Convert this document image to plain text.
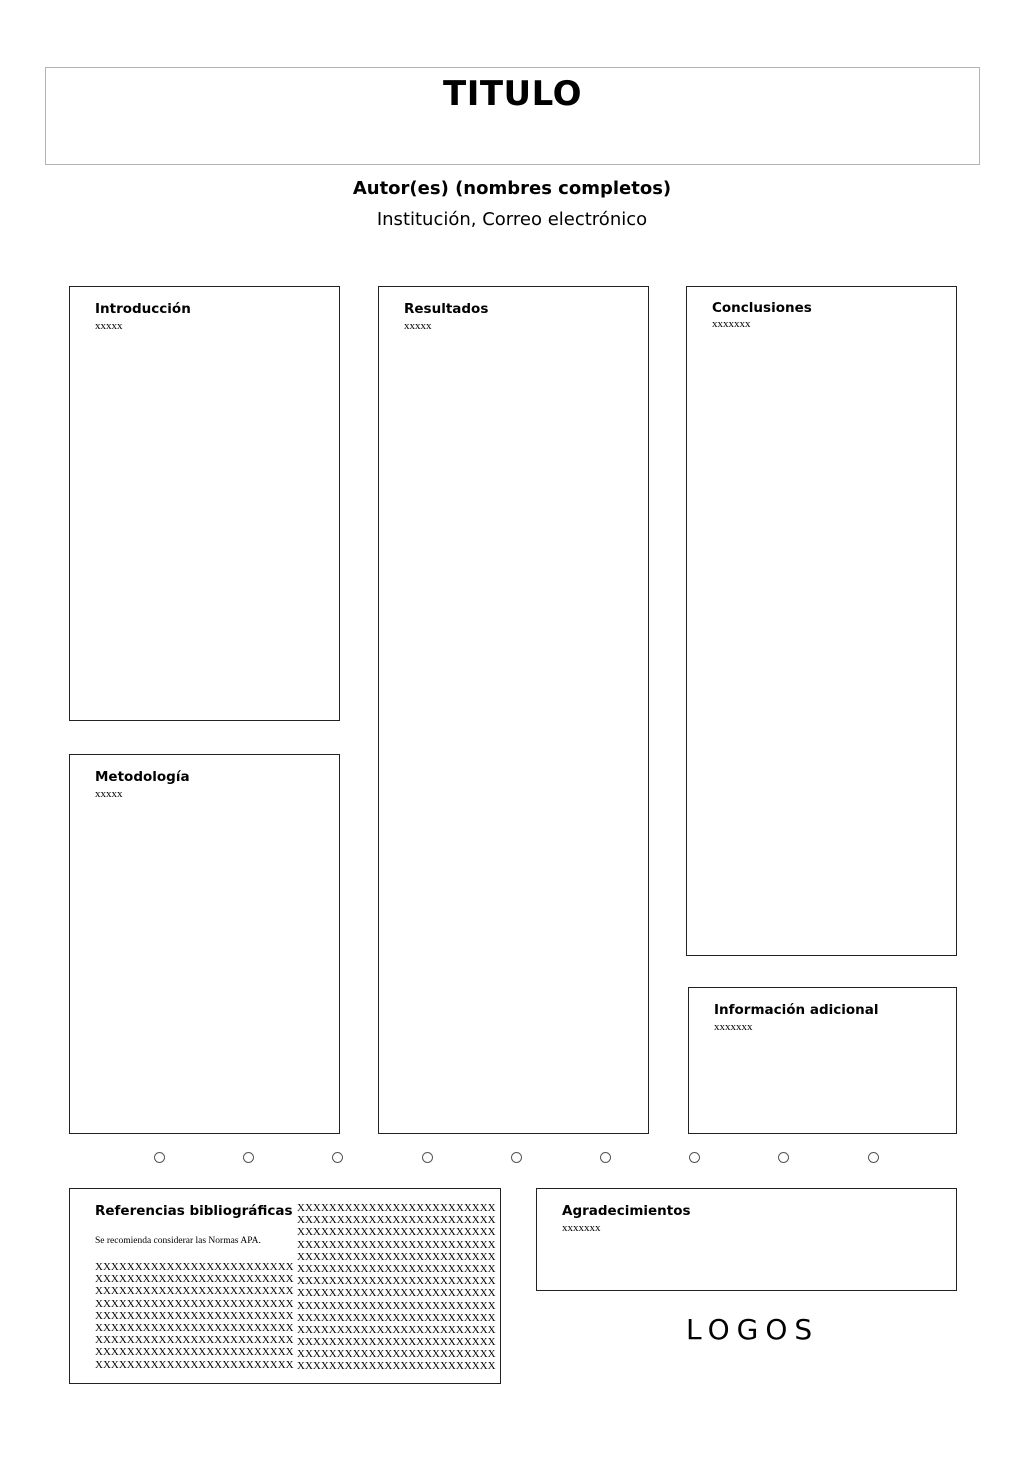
TITULO
Autor(es) (nombres completos)
Institución, Correo electrónico
Introducción
xxxxx
Resultados
xxxxx
Conclusiones
xxxxxxx
Metodología
xxxxx
Información adicional
xxxxxxx
Referencias bibliográficas
Se recomienda considerar las Normas APA.
XXXXXXXXXXXXXXXXXXXXXXXXX
XXXXXXXXXXXXXXXXXXXXXXXXX
XXXXXXXXXXXXXXXXXXXXXXXXX
XXXXXXXXXXXXXXXXXXXXXXXXX
XXXXXXXXXXXXXXXXXXXXXXXXX
XXXXXXXXXXXXXXXXXXXXXXXXX
XXXXXXXXXXXXXXXXXXXXXXXXX
XXXXXXXXXXXXXXXXXXXXXXXXX
XXXXXXXXXXXXXXXXXXXXXXXXX
XXXXXXXXXXXXXXXXXXXXXXXXX
XXXXXXXXXXXXXXXXXXXXXXXXX
XXXXXXXXXXXXXXXXXXXXXXXXX
XXXXXXXXXXXXXXXXXXXXXXXXX
XXXXXXXXXXXXXXXXXXXXXXXXX
XXXXXXXXXXXXXXXXXXXXXXXXX
XXXXXXXXXXXXXXXXXXXXXXXXX
XXXXXXXXXXXXXXXXXXXXXXXXX
XXXXXXXXXXXXXXXXXXXXXXXXX
XXXXXXXXXXXXXXXXXXXXXXXXX
XXXXXXXXXXXXXXXXXXXXXXXXX
XXXXXXXXXXXXXXXXXXXXXXXXX
XXXXXXXXXXXXXXXXXXXXXXXXX
XXXXXXXXXXXXXXXXXXXXXXXXX
Agradecimientos
xxxxxxx
LOGOS
